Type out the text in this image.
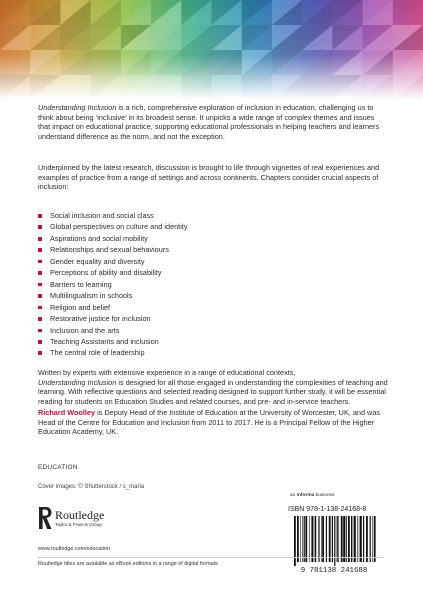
Understanding Inclusion is a rich, comprehensive exploration of inclusion in education, challenging us to think about being ‘inclusive’ in its broadest sense. It unpicks a wide range of complex themes and issues that impact on educational practice, supporting educational professionals in helping teachers and learners understand difference as the norm, and not the exception.

Underpinned by the latest research, discussion is brought to life through vignettes of real experiences and examples of practice from a range of settings and across continents. Chapters consider crucial aspects of inclusion:

Social inclusion and social class
Global perspectives on culture and identity
Aspirations and social mobility
Relationships and sexual behaviours
Gender equality and diversity
Perceptions of ability and disability
Barriers to learning
Multilingualism in schools
Religion and belief
Restorative justice for inclusion
Inclusion and the arts
Teaching Assistants and inclusion
The central role of leadership

Written by experts with extensive experience in a range of educational contexts,
Understanding Inclusion is designed for all those engaged in understanding the complexities of teaching and learning. With reflective questions and selected reading designed to support further study, it will be essential reading for students on Education Studies and related courses, and pre- and in-service teachers.

Richard Woolley is Deputy Head of the Institute of Education at the University of Worcester, UK, and was Head of the Centre for Education and Inclusion from 2011 to 2017. He is a Principal Fellow of the Higher Education Academy, UK.

EDUCATION
Cover images: © Shutterstock / s_maria
an informa business
Routledge
Taylor & Francis Group
www.routledge.com/education
ISBN 978-1-138-24168-8
9 781138 241688
Routledge titles are available as eBook editions in a range of digital formats
